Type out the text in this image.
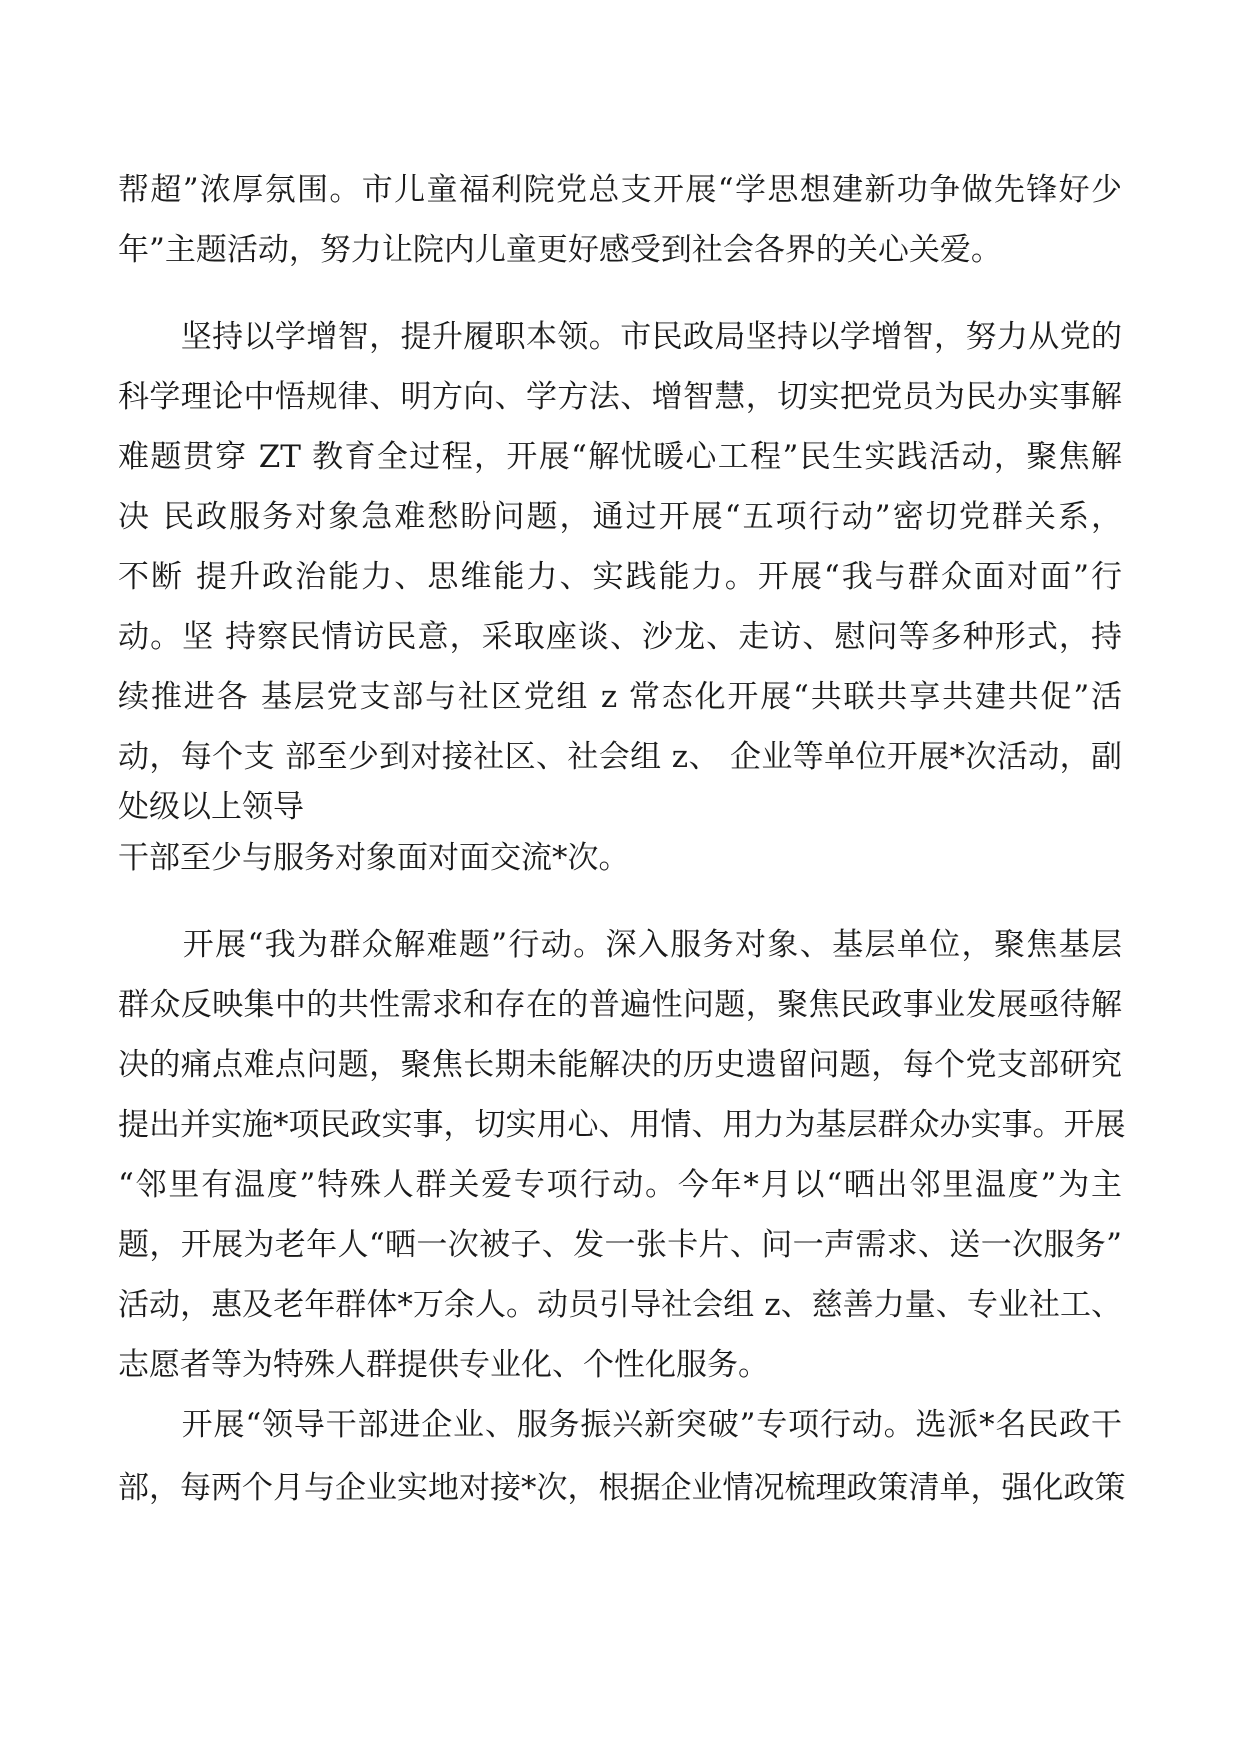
帮超”浓厚氛围。市儿童福利院党总支开展“学思想建新功争做先锋好少

年”主题活动，努力让院内儿童更好感受到社会各界的关心关爱。

　　坚持以学增智，提升履职本领。市民政局坚持以学增智，努力从党的

科学理论中悟规律、明方向、学方法、增智慧，切实把党员为民办实事解

难题贯穿 ZT 教育全过程，开展“解忧暖心工程”民生实践活动，聚焦解

决 民政服务对象急难愁盼问题，通过开展“五项行动”密切党群关系，

不断 提升政治能力、思维能力、实践能力。开展“我与群众面对面”行

动。坚 持察民情访民意，采取座谈、沙龙、走访、慰问等多种形式，持

续推进各 基层党支部与社区党组 z 常态化开展“共联共享共建共促”活

动，每个支 部至少到对接社区、社会组 z、 企业等单位开展*次活动，副

处级以上领导

干部至少与服务对象面对面交流*次。

　　开展“我为群众解难题”行动。深入服务对象、基层单位，聚焦基层

群众反映集中的共性需求和存在的普遍性问题，聚焦民政事业发展亟待解

决的痛点难点问题，聚焦长期未能解决的历史遗留问题，每个党支部研究

提出并实施*项民政实事，切实用心、用情、用力为基层群众办实事。开展

“邻里有温度”特殊人群关爱专项行动。今年*月以“晒出邻里温度”为主

题，开展为老年人“晒一次被子、发一张卡片、问一声需求、送一次服务”

活动，惠及老年群体*万余人。动员引导社会组 z、慈善力量、专业社工、

志愿者等为特殊人群提供专业化、个性化服务。

　　开展“领导干部进企业、服务振兴新突破”专项行动。选派*名民政干

部，每两个月与企业实地对接*次，根据企业情况梳理政策清单，强化政策
